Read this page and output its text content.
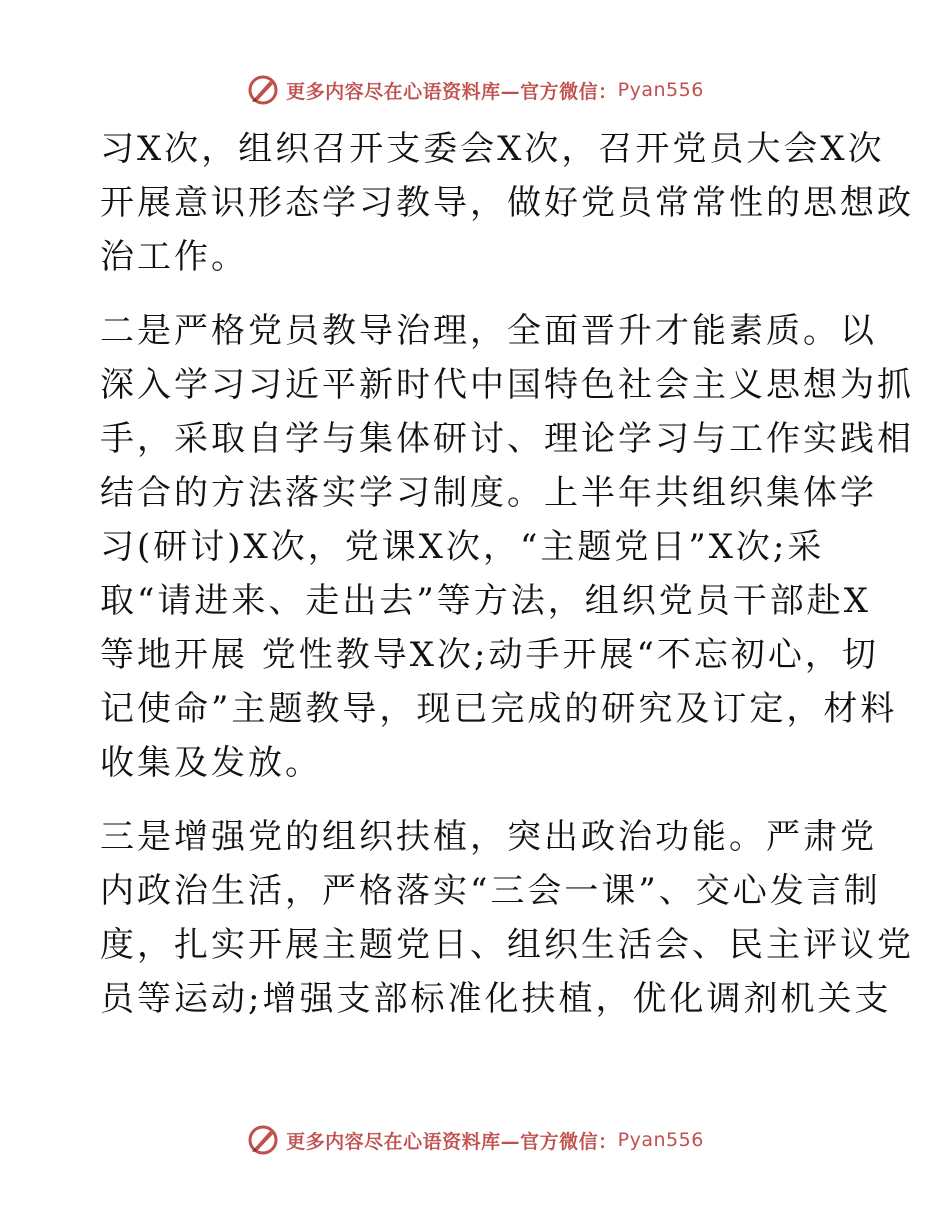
更多内容尽在心语资料库—官方微信： Pyan556
习X次，组织召开支委会X次，召开党员大会X次
开展意识形态学习教导，做好党员常常性的思想政
治工作。
二是严格党员教导治理，全面晋升才能素质。以
深入学习习近平新时代中国特色社会主义思想为抓
手，采取自学与集体研讨、理论学习与工作实践相
结合的方法落实学习制度。上半年共组织集体学
习(研讨)X次，党课X次，“主题党日”X次;采
取“请进来、走出去”等方法，组织党员干部赴X
等地开展 党性教导X次;动手开展“不忘初心，切
记使命”主题教导，现已完成的研究及订定，材料
收集及发放。
三是增强党的组织扶植，突出政治功能。严肃党
内政治生活，严格落实“三会一课”、交心发言制
度，扎实开展主题党日、组织生活会、民主评议党
员等运动;增强支部标准化扶植，优化调剂机关支
更多内容尽在心语资料库—官方微信： Pyan556
